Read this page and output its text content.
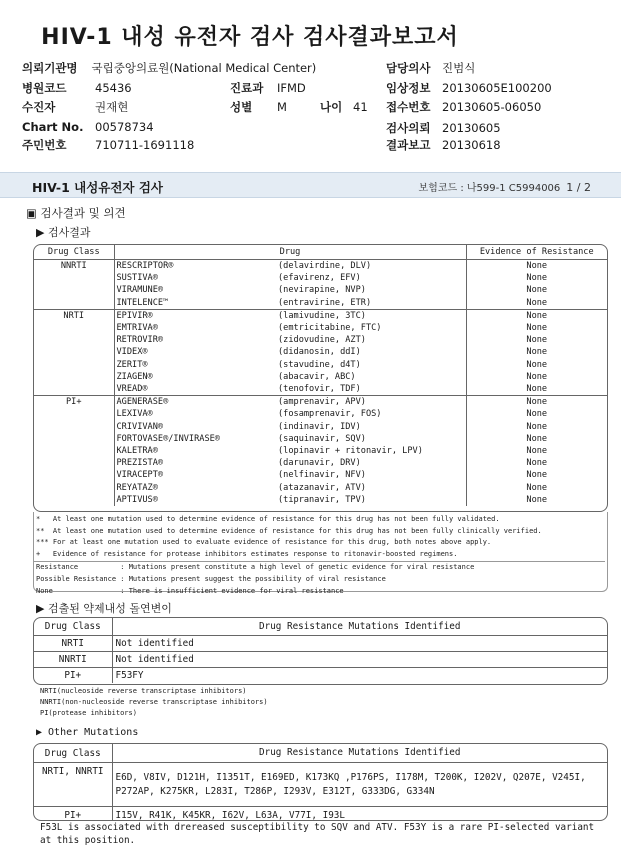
HIV-1 내성 유전자 검사 검사결과보고서
의뢰기관명 국립중앙의료원(National Medical Center)
병원코드 45436	진료과 IFMD
수진자	권재현	성별 M	나이 41
Chart No. 00578734
주민번호 710711-1691118
담당의사 진범식
임상정보 20130605E100200
접수번호 20130605-06050
검사의뢰 20130605
결과보고 20130618
HIV-1 내성유전자 검사	보험코드 : 나599-1 C5994006 1 / 2
▣ 검사결과 및 의견
▶ 검사결과
Drug Class	Drug		Evidence of Resistance
NNRTI	RESCRIPTOR®	(delavirdine, DLV)	None
	SUSTIVA®	(efavirenz, EFV)	None
	VIRAMUNE®	(nevirapine, NVP)	None
	INTELENCE™	(entravirine, ETR)	None
NRTI	EPIVIR®	(lamivudine, 3TC)	None
	EMTRIVA®	(emtricitabine, FTC)	None
	RETROVIR®	(zidovudine, AZT)	None
	VIDEX®	(didanosin, ddI)	None
	ZERIT®	(stavudine, d4T)	None
	ZIAGEN®	(abacavir, ABC)	None
	VREAD®	(tenofovir, TDF)	None
PI+	AGENERASE®	(amprenavir, APV)	None
	LEXIVA®	(fosamprenavir, FOS)	None
	CRIVIVAN®	(indinavir, IDV)	None
	FORTOVASE®/INVIRASE®	(saquinavir, SQV)	None
	KALETRA®	(lopinavir + ritonavir, LPV)	None
	PREZISTA®	(darunavir, DRV)	None
	VIRACEPT®	(nelfinavir, NFV)	None
	REYATAZ®	(atazanavir, ATV)	None
	APTIVUS®	(tipranavir, TPV)	None
*   At least one mutation used to determine evidence of resistance for this drug has not been fully validated.
**  At least one mutation used to determine evidence of resistance for this drug has not been fully clinically verified.
*** For at least one mutation used to evaluate evidence of resistance for this drug, both notes above apply.
+   Evidence of resistance for protease inhibitors estimates response to ritonavir-boosted regimens.
Resistance          : Mutations present constitute a high level of genetic evidence for viral resistance
Possible Resistance : Mutations present suggest the possibility of viral resistance
None                : There is insufficient evidence for viral resistance
▶ 검출된 약제내성 돌연변이
Drug Class	Drug Resistance Mutations Identified
NRTI	Not identified
NNRTI	Not identified
PI+	F53FY
NRTI(nucleoside reverse transcriptase inhibitors)
NNRTI(non-nucleoside reverse transcriptase inhibitors)
PI(protease inhibitors)
▶ Other Mutations
Drug Class	Drug Resistance Mutations Identified
NRTI, NNRTI	E6D, V8IV, D121H, I1351T, E169ED, K173KQ ,P176PS, I178M, T200K, I202V, Q207E, V245I, P272AP, K275KR, L283I, T286P, I293V, E312T, G333DG, G334N
PI+	I15V, R41K, K45KR, I62V, L63A, V77I, I93L
F53L is associated with drereased susceptibility to SQV and ATV. F53Y is a rare PI-selected variant at this position.
